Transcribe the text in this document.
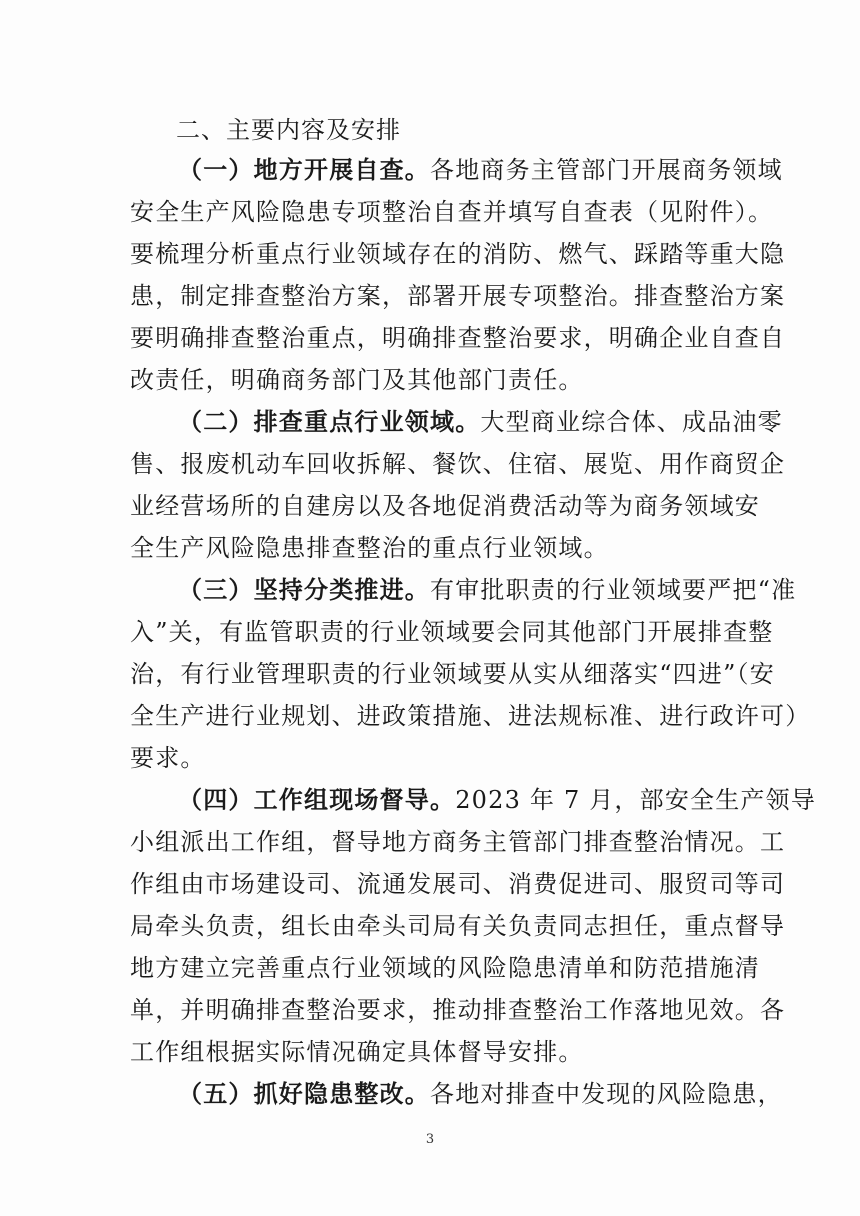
二、主要内容及安排
（一）地方开展自查。各地商务主管部门开展商务领域
安全生产风险隐患专项整治自查并填写自查表（见附件）。
要梳理分析重点行业领域存在的消防、燃气、踩踏等重大隐
患，制定排查整治方案，部署开展专项整治。排查整治方案
要明确排查整治重点，明确排查整治要求，明确企业自查自
改责任，明确商务部门及其他部门责任。
（二）排查重点行业领域。大型商业综合体、成品油零
售、报废机动车回收拆解、餐饮、住宿、展览、用作商贸企
业经营场所的自建房以及各地促消费活动等为商务领域安
全生产风险隐患排查整治的重点行业领域。
（三）坚持分类推进。有审批职责的行业领域要严把“准
入”关，有监管职责的行业领域要会同其他部门开展排查整
治，有行业管理职责的行业领域要从实从细落实“四进”（安
全生产进行业规划、进政策措施、进法规标准、进行政许可）
要求。
（四）工作组现场督导。2023 年 7 月，部安全生产领导
小组派出工作组，督导地方商务主管部门排查整治情况。工
作组由市场建设司、流通发展司、消费促进司、服贸司等司
局牵头负责，组长由牵头司局有关负责同志担任，重点督导
地方建立完善重点行业领域的风险隐患清单和防范措施清
单，并明确排查整治要求，推动排查整治工作落地见效。各
工作组根据实际情况确定具体督导安排。
（五）抓好隐患整改。各地对排查中发现的风险隐患，
3
